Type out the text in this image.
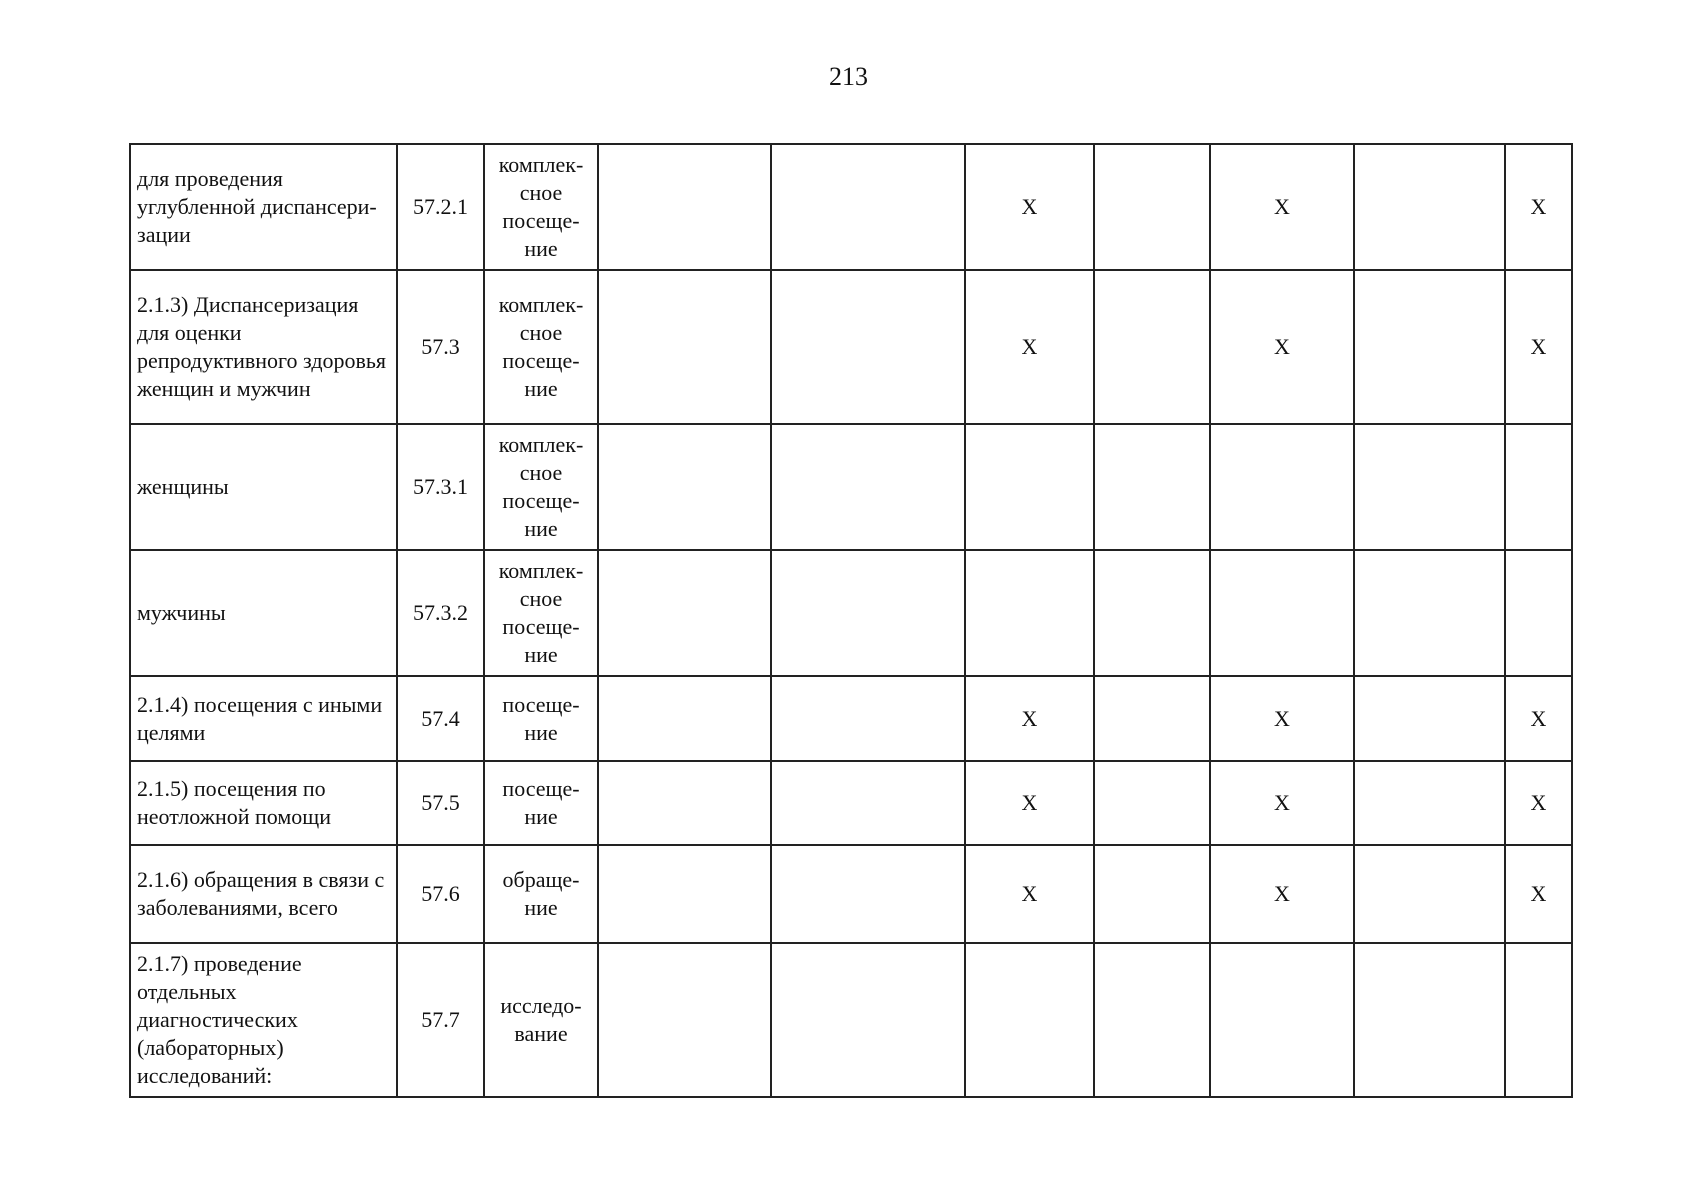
213
для проведения углубленной диспансери-зации	57.2.1	комплек-сное посеще-ние			X		X		X
2.1.3) Диспансеризация для оценки репродуктивного здоровья женщин и мужчин	57.3	комплек-сное посеще-ние			X		X		X
женщины	57.3.1	комплек-сное посеще-ние							
мужчины	57.3.2	комплек-сное посеще-ние							
2.1.4) посещения с иными целями	57.4	посеще-ние			X		X		X
2.1.5) посещения по неотложной помощи	57.5	посеще-ние			X		X		X
2.1.6) обращения в связи с заболеваниями, всего	57.6	обраще-ние			X		X		X
2.1.7) проведение отдельных диагностических (лабораторных) исследований:	57.7	исследо-вание							
